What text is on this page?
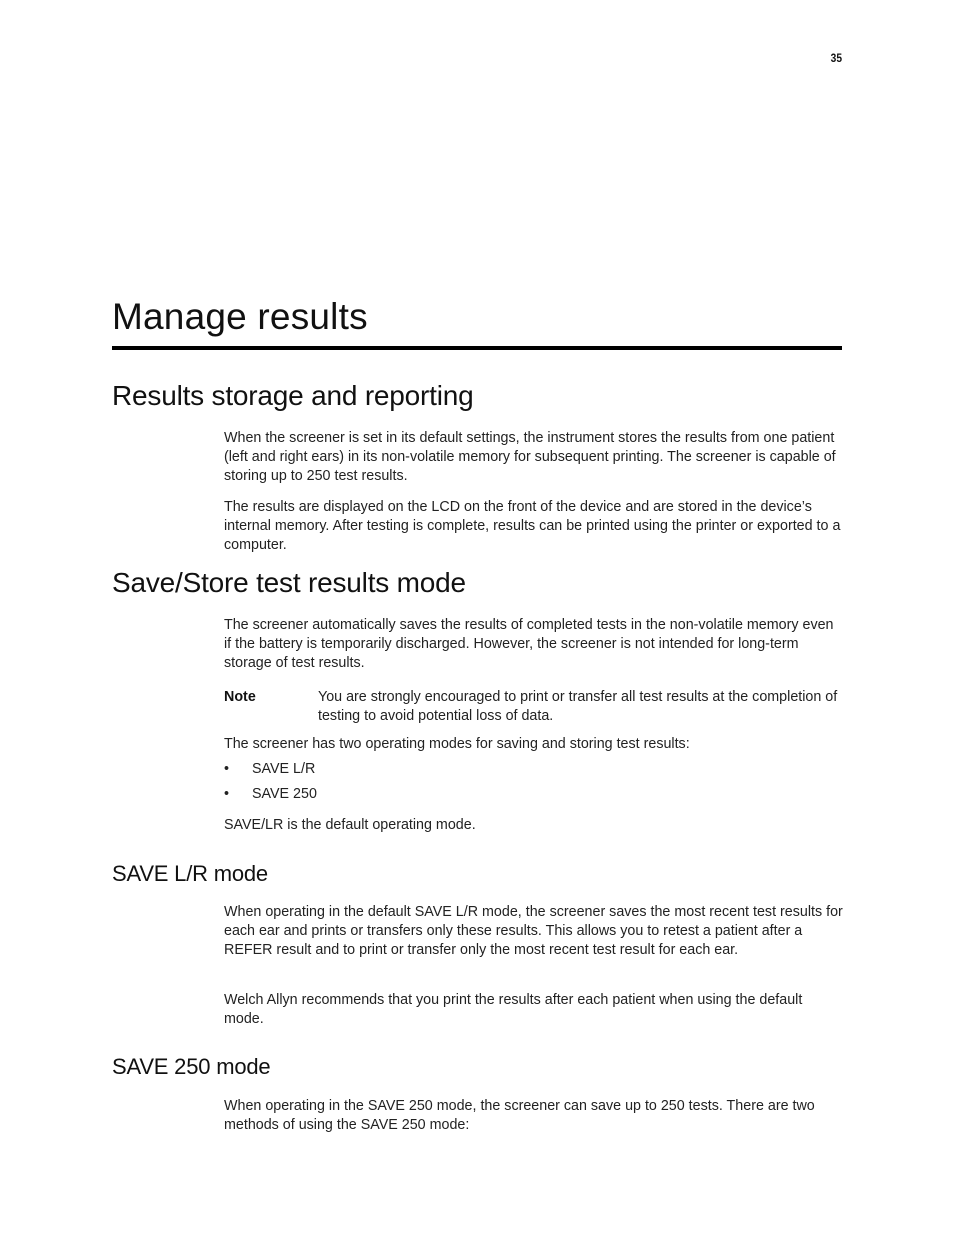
35
Manage results
Results storage and reporting

When the screener is set in its default settings, the instrument stores the results from one patient (left and right ears) in its non-volatile memory for subsequent printing. The screener is capable of storing up to 250 test results.

The results are displayed on the LCD on the front of the device and are stored in the device’s internal memory. After testing is complete, results can be printed using the printer or exported to a computer.

Save/Store test results mode

The screener automatically saves the results of completed tests in the non-volatile memory even if the battery is temporarily discharged. However, the screener is not intended for long-term storage of test results.

Note	You are strongly encouraged to print or transfer all test results at the completion of testing to avoid potential loss of data.

The screener has two operating modes for saving and storing test results:

• SAVE L/R
• SAVE 250

SAVE/LR is the default operating mode.

SAVE L/R mode

When operating in the default SAVE L/R mode, the screener saves the most recent test results for each ear and prints or transfers only these results. This allows you to retest a patient after a REFER result and to print or transfer only the most recent test result for each ear.

Welch Allyn recommends that you print the results after each patient when using the default mode.

SAVE 250 mode

When operating in the SAVE 250 mode, the screener can save up to 250 tests. There are two methods of using the SAVE 250 mode:
